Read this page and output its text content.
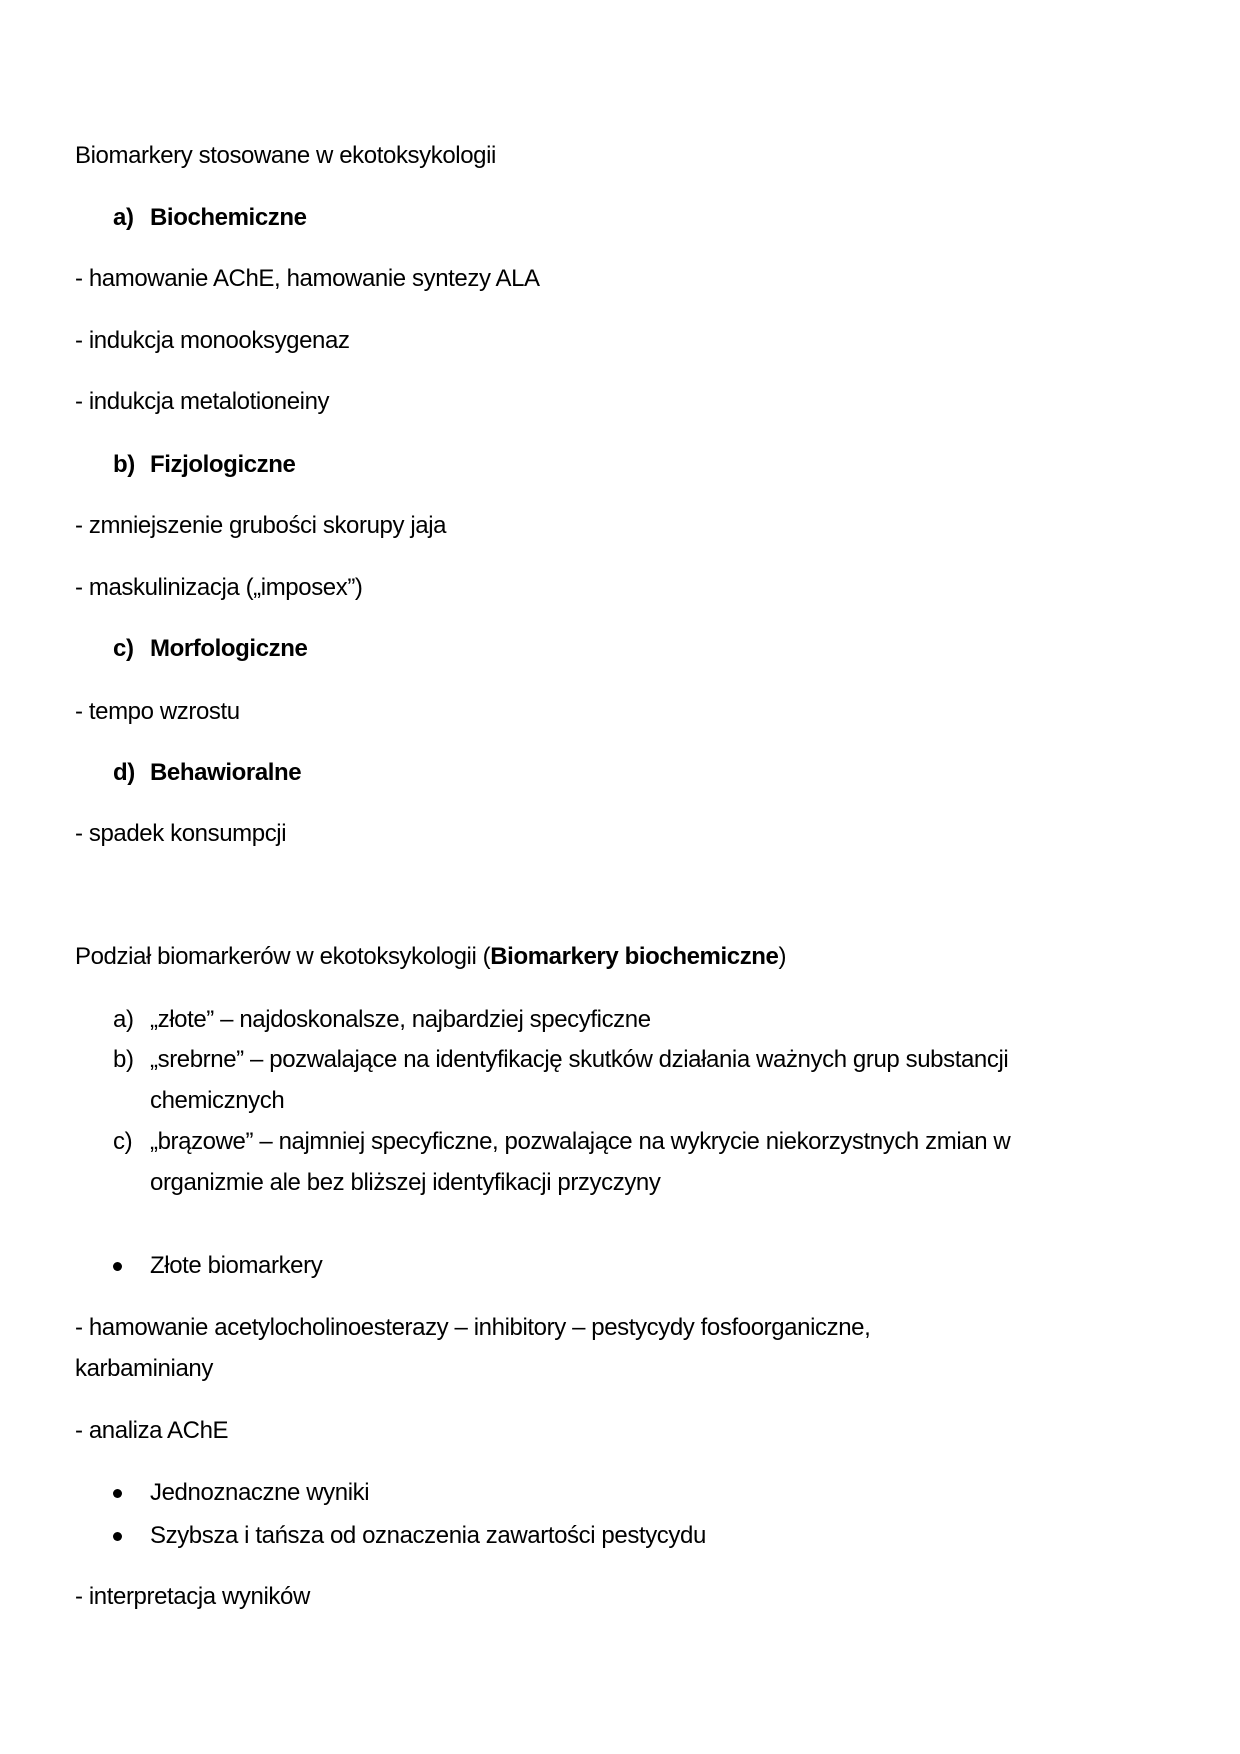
Biomarkery stosowane w ekotoksykologii
a) Biochemiczne
- hamowanie AChE, hamowanie syntezy ALA
- indukcja monooksygenaz
- indukcja metalotioneiny
b) Fizjologiczne
- zmniejszenie grubości skorupy jaja
- maskulinizacja („imposex”)
c) Morfologiczne
- tempo wzrostu
d) Behawioralne
- spadek konsumpcji
Podział biomarkerów w ekotoksykologii (Biomarkery biochemiczne)
a) „złote” – najdoskonalsze, najbardziej specyficzne
b) „srebrne” – pozwalające na identyfikację skutków działania ważnych grup substancji
chemicznych
c) „brązowe” – najmniej specyficzne, pozwalające na wykrycie niekorzystnych zmian w
organizmie ale bez bliższej identyfikacji przyczyny
Złote biomarkery
- hamowanie acetylocholinoesterazy – inhibitory – pestycydy fosfoorganiczne,
karbaminiany
- analiza AChE
Jednoznaczne wyniki
Szybsza i tańsza od oznaczenia zawartości pestycydu
- interpretacja wyników
